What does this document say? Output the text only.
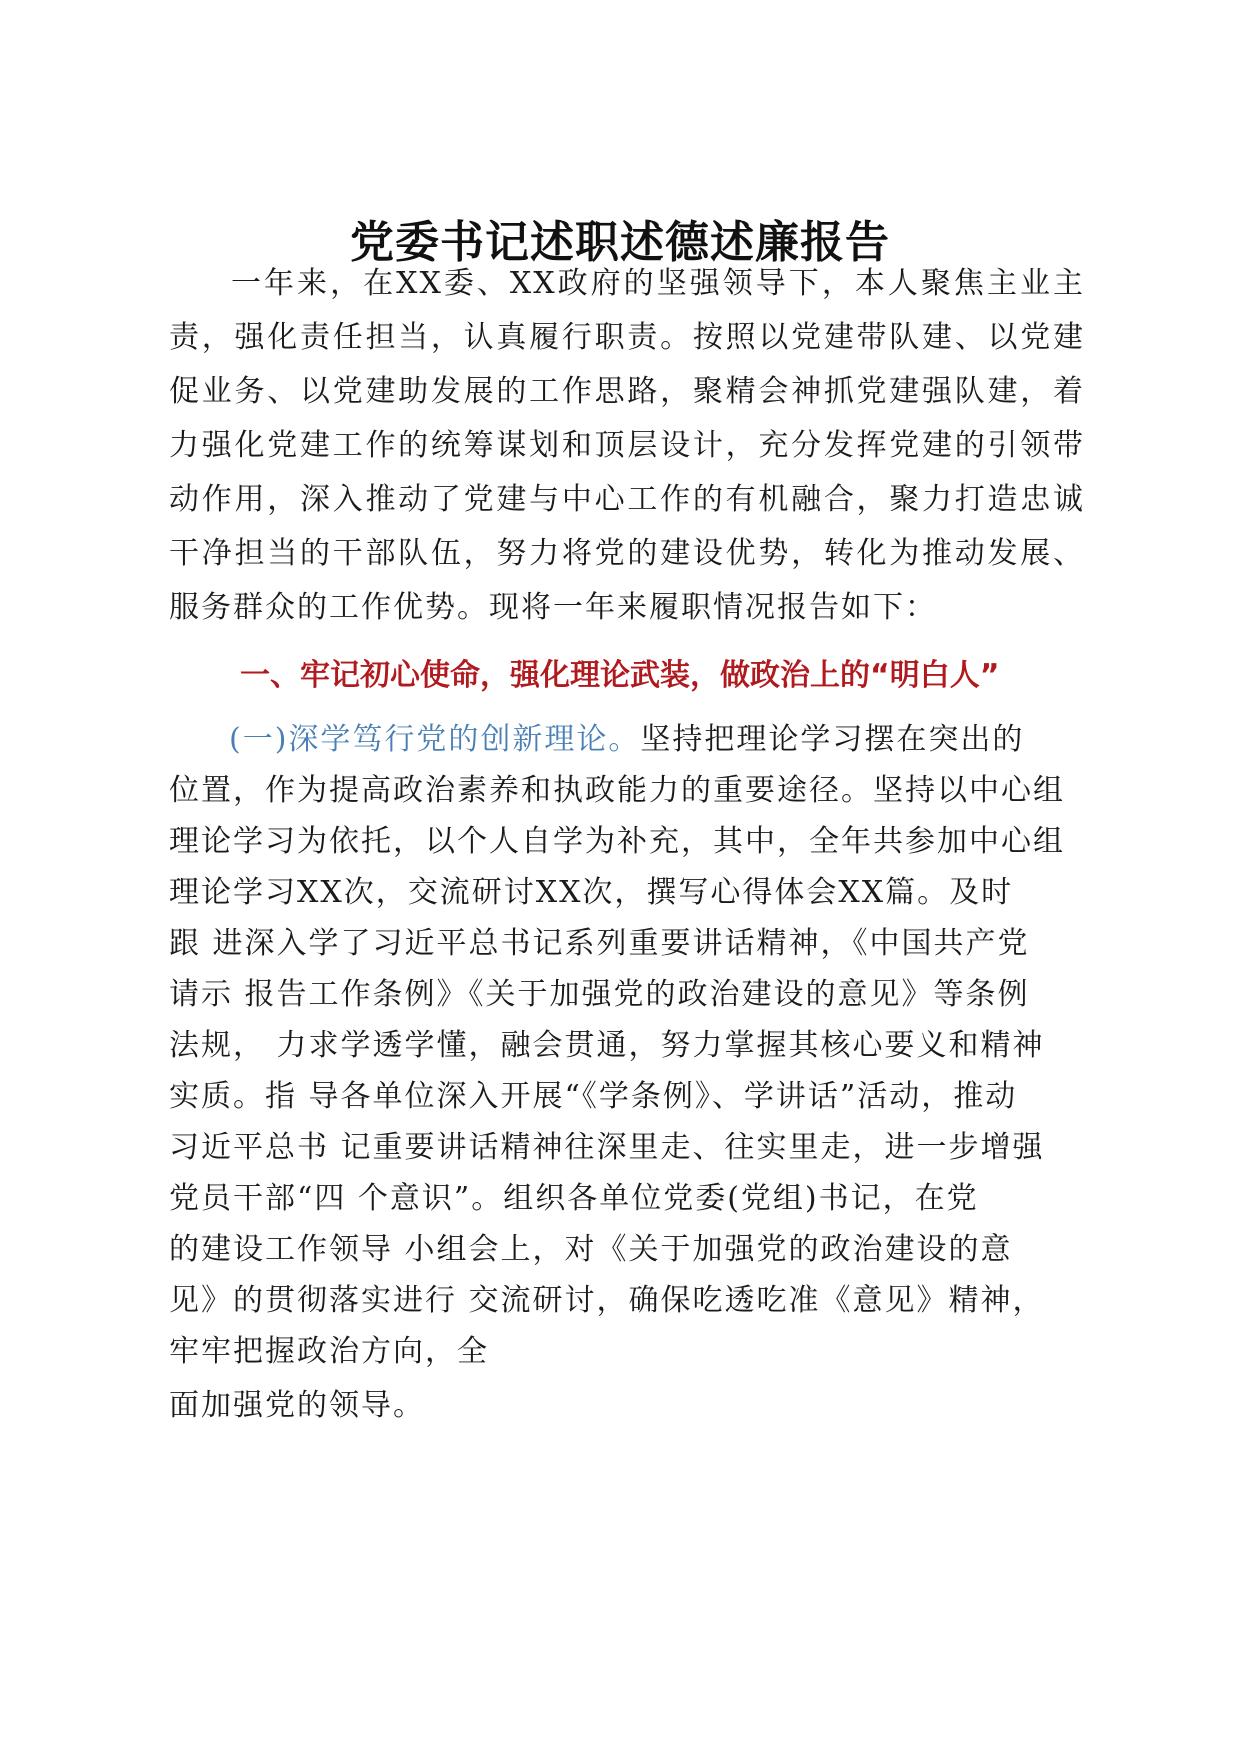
党委书记述职述德述廉报告

一年来，在XX委、XX政府的坚强领导下，本人聚焦主业主责，强化责任担当，认真履行职责。按照以党建带队建、以党建促业务、以党建助发展的工作思路，聚精会神抓党建强队建，着力强化党建工作的统筹谋划和顶层设计，充分发挥党建的引领带动作用，深入推动了党建与中心工作的有机融合，聚力打造忠诚干净担当的干部队伍，努力将党的建设优势，转化为推动发展、服务群众的工作优势。现将一年来履职情况报告如下：

一、牢记初心使命，强化理论武装，做政治上的“明白人”
(一)深学笃行党的创新理论。坚持把理论学习摆在突出的
位置，作为提高政治素养和执政能力的重要途径。坚持以中心组
理论学习为依托，以个人自学为补充，其中，全年共参加中心组
理论学习XX次，交流研讨XX次，撰写心得体会XX篇。及时
跟 进深入学了习近平总书记系列重要讲话精神，《中国共产党
请示 报告工作条例》《关于加强党的政治建设的意见》等条例
法规， 力求学透学懂，融会贯通，努力掌握其核心要义和精神
实质。指 导各单位深入开展“《学条例》、学讲话”活动，推动
习近平总书 记重要讲话精神往深里走、往实里走，进一步增强
党员干部“四 个意识”。组织各单位党委(党组)书记，在党
的建设工作领导 小组会上，对《关于加强党的政治建设的意
见》的贯彻落实进行 交流研讨，确保吃透吃准《意见》精神，
牢牢把握政治方向，全
面加强党的领导。
